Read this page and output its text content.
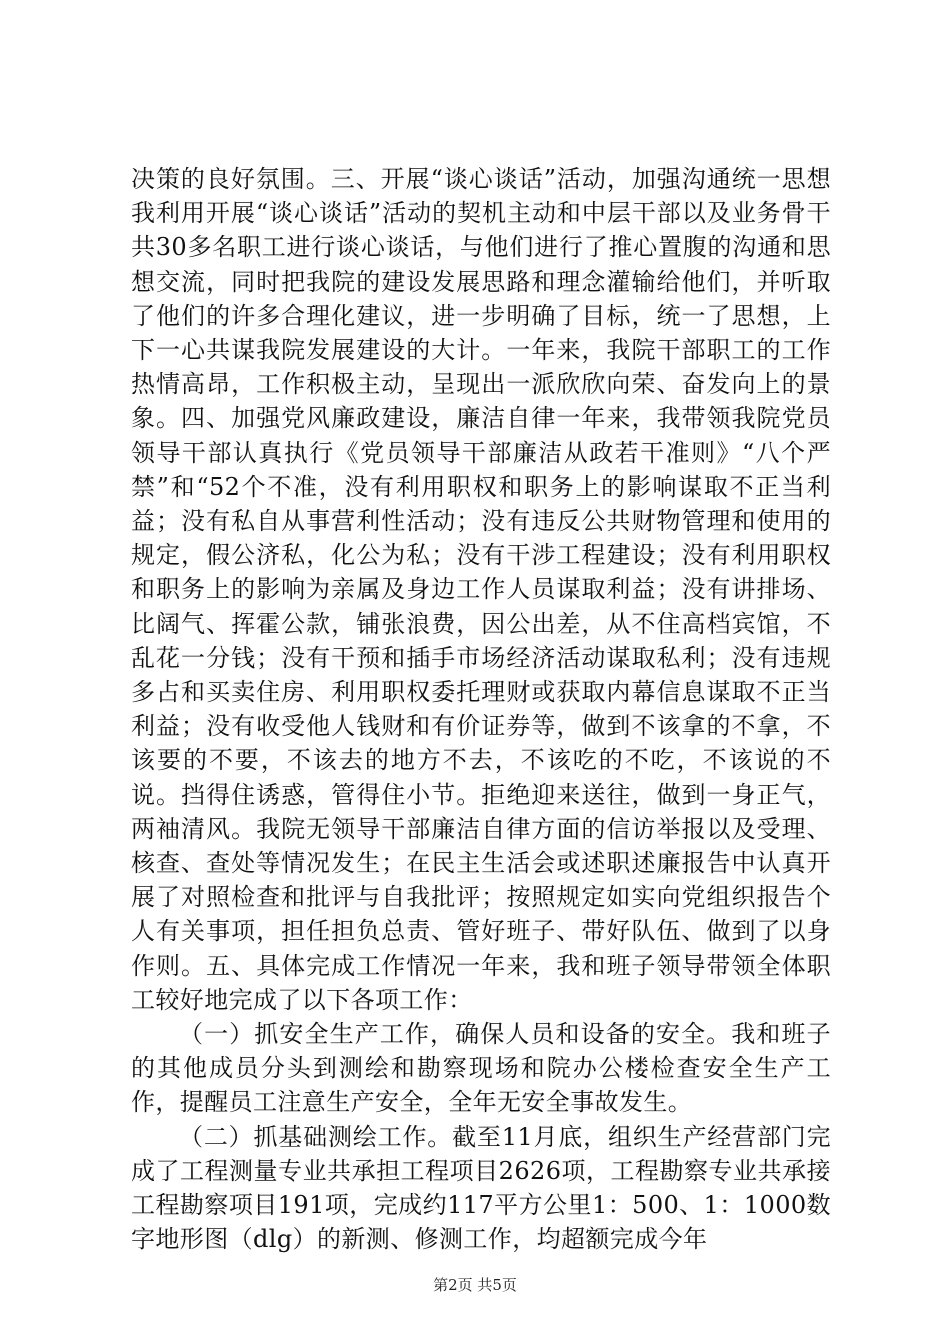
决策的良好氛围。三、开展“谈心谈话”活动，加强沟通统一思想我利用开展“谈心谈话”活动的契机主动和中层干部以及业务骨干共30多名职工进行谈心谈话，与他们进行了推心置腹的沟通和思想交流，同时把我院的建设发展思路和理念灌输给他们，并听取了他们的许多合理化建议，进一步明确了目标，统一了思想，上下一心共谋我院发展建设的大计。一年来，我院干部职工的工作热情高昂，工作积极主动，呈现出一派欣欣向荣、奋发向上的景象。四、加强党风廉政建设，廉洁自律一年来，我带领我院党员领导干部认真执行《党员领导干部廉洁从政若干准则》“八个严禁”和“52个不准，没有利用职权和职务上的影响谋取不正当利益；没有私自从事营利性活动；没有违反公共财物管理和使用的规定，假公济私，化公为私；没有干涉工程建设；没有利用职权和职务上的影响为亲属及身边工作人员谋取利益；没有讲排场、比阔气、挥霍公款，铺张浪费，因公出差，从不住高档宾馆，不乱花一分钱；没有干预和插手市场经济活动谋取私利；没有违规多占和买卖住房、利用职权委托理财或获取内幕信息谋取不正当利益；没有收受他人钱财和有价证券等，做到不该拿的不拿，不该要的不要，不该去的地方不去，不该吃的不吃，不该说的不说。挡得住诱惑，管得住小节。拒绝迎来送往，做到一身正气，两袖清风。我院无领导干部廉洁自律方面的信访举报以及受理、核查、查处等情况发生；在民主生活会或述职述廉报告中认真开展了对照检查和批评与自我批评；按照规定如实向党组织报告个人有关事项，担任担负总责、管好班子、带好队伍、做到了以身作则。五、具体完成工作情况一年来，我和班子领导带领全体职工较好地完成了以下各项工作：

（一）抓安全生产工作，确保人员和设备的安全。我和班子的其他成员分头到测绘和勘察现场和院办公楼检查安全生产工作，提醒员工注意生产安全，全年无安全事故发生。

（二）抓基础测绘工作。截至11月底，组织生产经营部门完成了工程测量专业共承担工程项目2626项，工程勘察专业共承接工程勘察项目191项，完成约117平方公里1：500、1：1000数字地形图（dlg）的新测、修测工作，均超额完成今年

第2页 共5页
